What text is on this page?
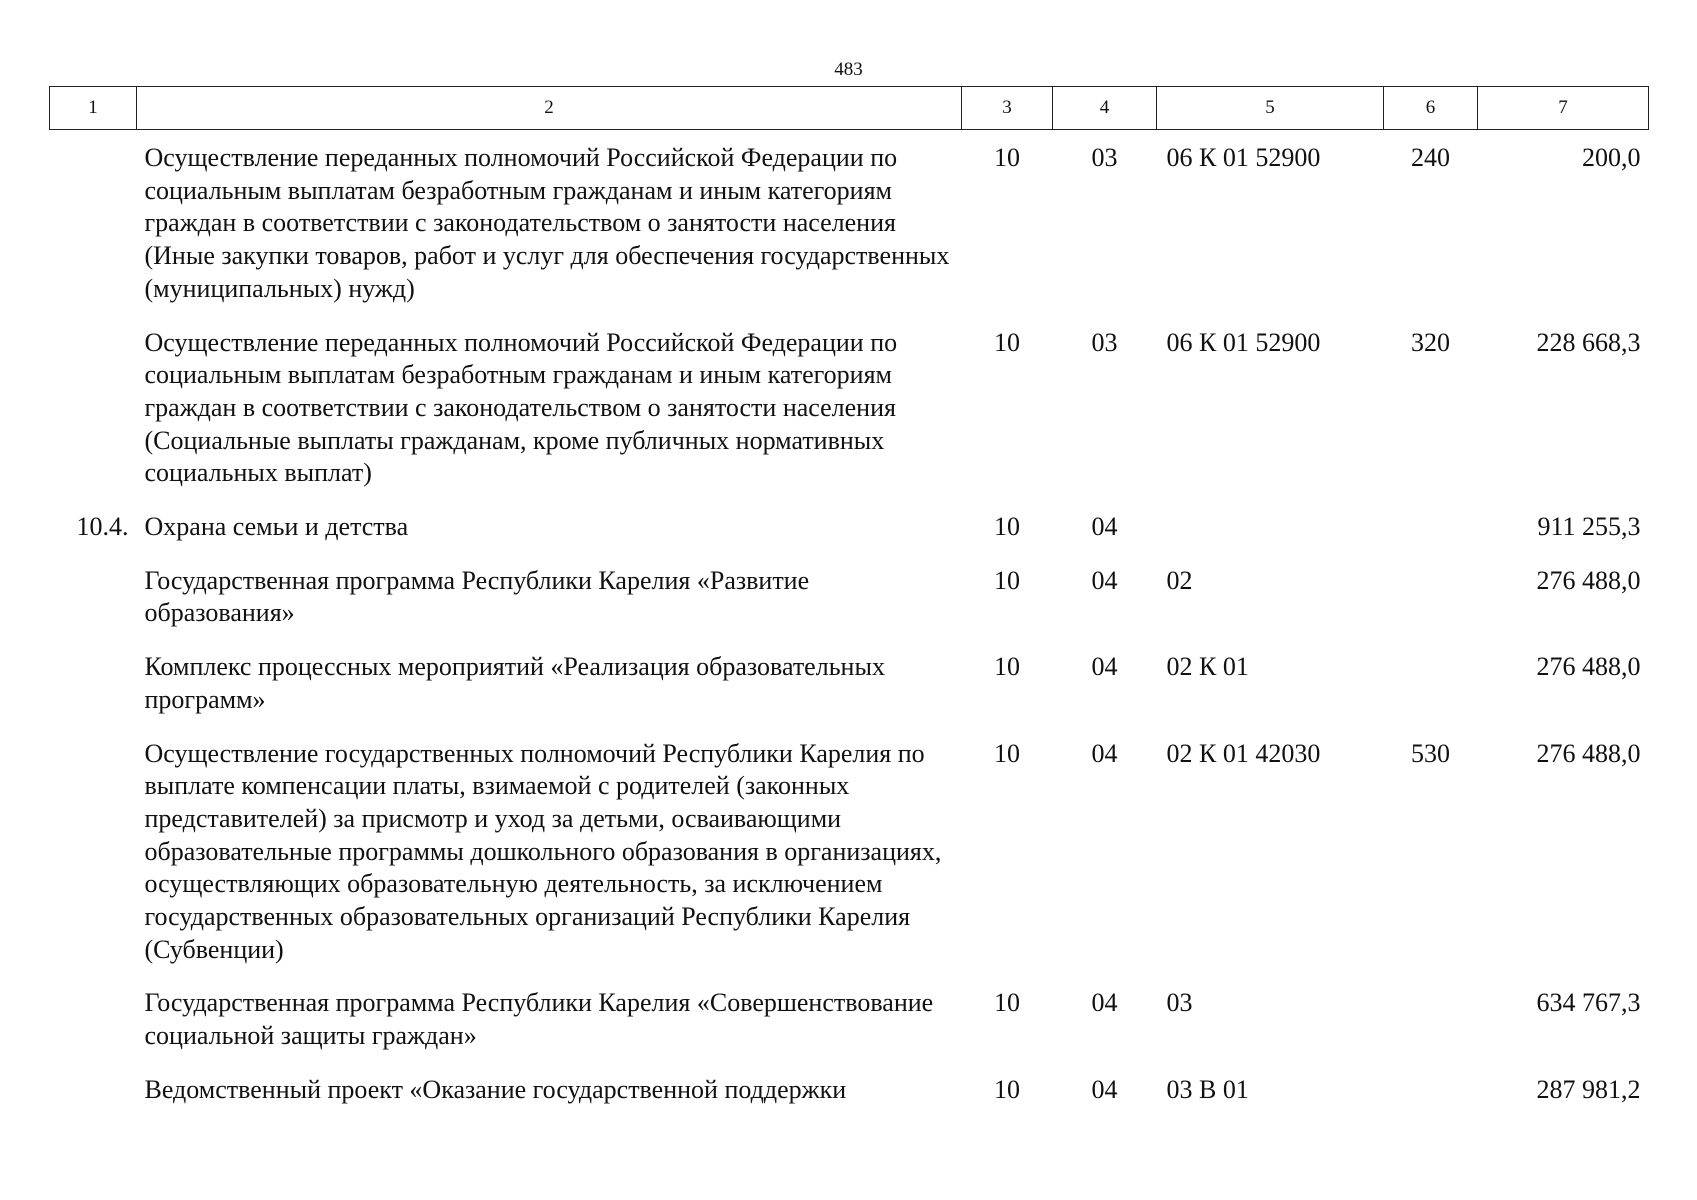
483
1	2	3	4	5	6	7
	Осуществление переданных полномочий Российской Федерации по социальным выплатам безработным гражданам и иным категориям граждан в соответствии с законодательством о занятости населения (Иные закупки товаров, работ и услуг для обеспечения государственных (муниципальных) нужд)	10	03	06 К 01 52900	240	200,0
	Осуществление переданных полномочий Российской Федерации по социальным выплатам безработным гражданам и иным категориям граждан в соответствии с законодательством о занятости населения (Социальные выплаты гражданам, кроме публичных нормативных социальных выплат)	10	03	06 К 01 52900	320	228 668,3
10.4.	Охрана семьи и детства	10	04			911 255,3
	Государственная программа Республики Карелия «Развитие образования»	10	04	02		276 488,0
	Комплекс процессных мероприятий «Реализация образовательных программ»	10	04	02 К 01		276 488,0
	Осуществление государственных полномочий Республики Карелия по выплате компенсации платы, взимаемой с родителей (законных представителей) за присмотр и уход за детьми, осваивающими образовательные программы дошкольного образования в организациях, осуществляющих образовательную деятельность, за исключением государственных образовательных организаций Республики Карелия (Субвенции)	10	04	02 К 01 42030	530	276 488,0
	Государственная программа Республики Карелия «Совершенствование социальной защиты граждан»	10	04	03		634 767,3
	Ведомственный проект «Оказание государственной поддержки	10	04	03 В 01		287 981,2
